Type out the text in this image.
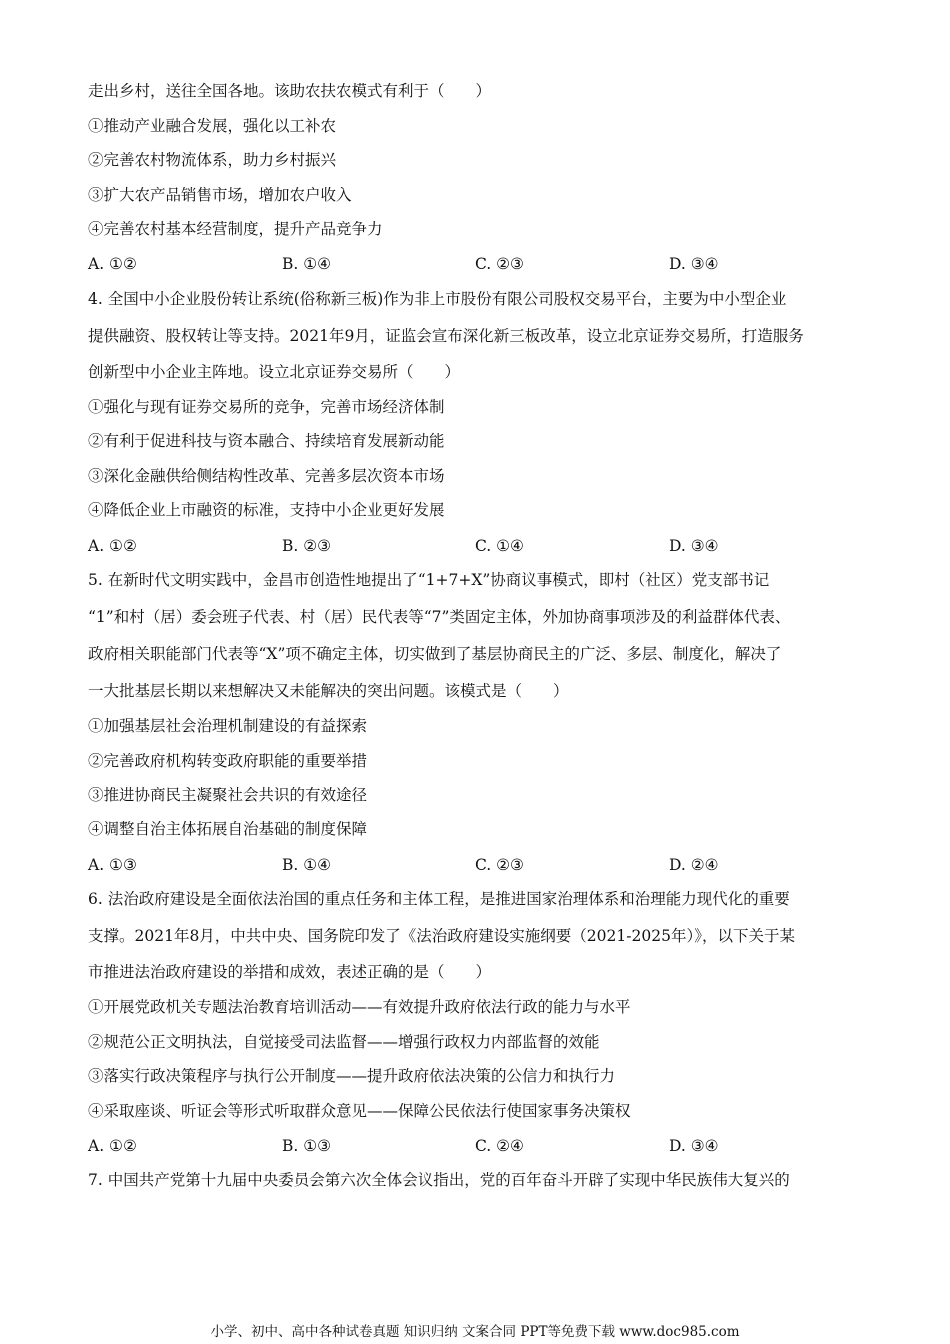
走出乡村，送往全国各地。该助农扶农模式有利于（　　）
①推动产业融合发展，强化以工补农
②完善农村物流体系，助力乡村振兴
③扩大农产品销售市场，增加农户收入
④完善农村基本经营制度，提升产品竞争力
A. ①②	B. ①④	C. ②③	D. ③④
4. 全国中小企业股份转让系统(俗称新三板)作为非上市股份有限公司股权交易平台，主要为中小型企业
提供融资、股权转让等支持。2021年9月，证监会宣布深化新三板改革，设立北京证券交易所，打造服务
创新型中小企业主阵地。设立北京证券交易所（　　）
①强化与现有证券交易所的竞争，完善市场经济体制
②有利于促进科技与资本融合、持续培育发展新动能
③深化金融供给侧结构性改革、完善多层次资本市场
④降低企业上市融资的标准，支持中小企业更好发展
A. ①②	B. ②③	C. ①④	D. ③④
5. 在新时代文明实践中，金昌市创造性地提出了“1+7+X”协商议事模式，即村（社区）党支部书记
“1”和村（居）委会班子代表、村（居）民代表等“7”类固定主体，外加协商事项涉及的利益群体代表、
政府相关职能部门代表等“X”项不确定主体，切实做到了基层协商民主的广泛、多层、制度化，解决了
一大批基层长期以来想解决又未能解决的突出问题。该模式是（　　）
①加强基层社会治理机制建设的有益探索
②完善政府机构转变政府职能的重要举措
③推进协商民主凝聚社会共识的有效途径
④调整自治主体拓展自治基础的制度保障
A. ①③	B. ①④	C. ②③	D. ②④
6. 法治政府建设是全面依法治国的重点任务和主体工程，是推进国家治理体系和治理能力现代化的重要
支撑。2021年8月，中共中央、国务院印发了《法治政府建设实施纲要（2021-2025年）》，以下关于某
市推进法治政府建设的举措和成效，表述正确的是（　　）
①开展党政机关专题法治教育培训活动——有效提升政府依法行政的能力与水平
②规范公正文明执法，自觉接受司法监督——增强行政权力内部监督的效能
③落实行政决策程序与执行公开制度——提升政府依法决策的公信力和执行力
④采取座谈、听证会等形式听取群众意见——保障公民依法行使国家事务决策权
A. ①②	B. ①③	C. ②④	D. ③④
7. 中国共产党第十九届中央委员会第六次全体会议指出，党的百年奋斗开辟了实现中华民族伟大复兴的
小学、初中、高中各种试卷真题 知识归纳 文案合同 PPT等免费下载 www.doc985.com
